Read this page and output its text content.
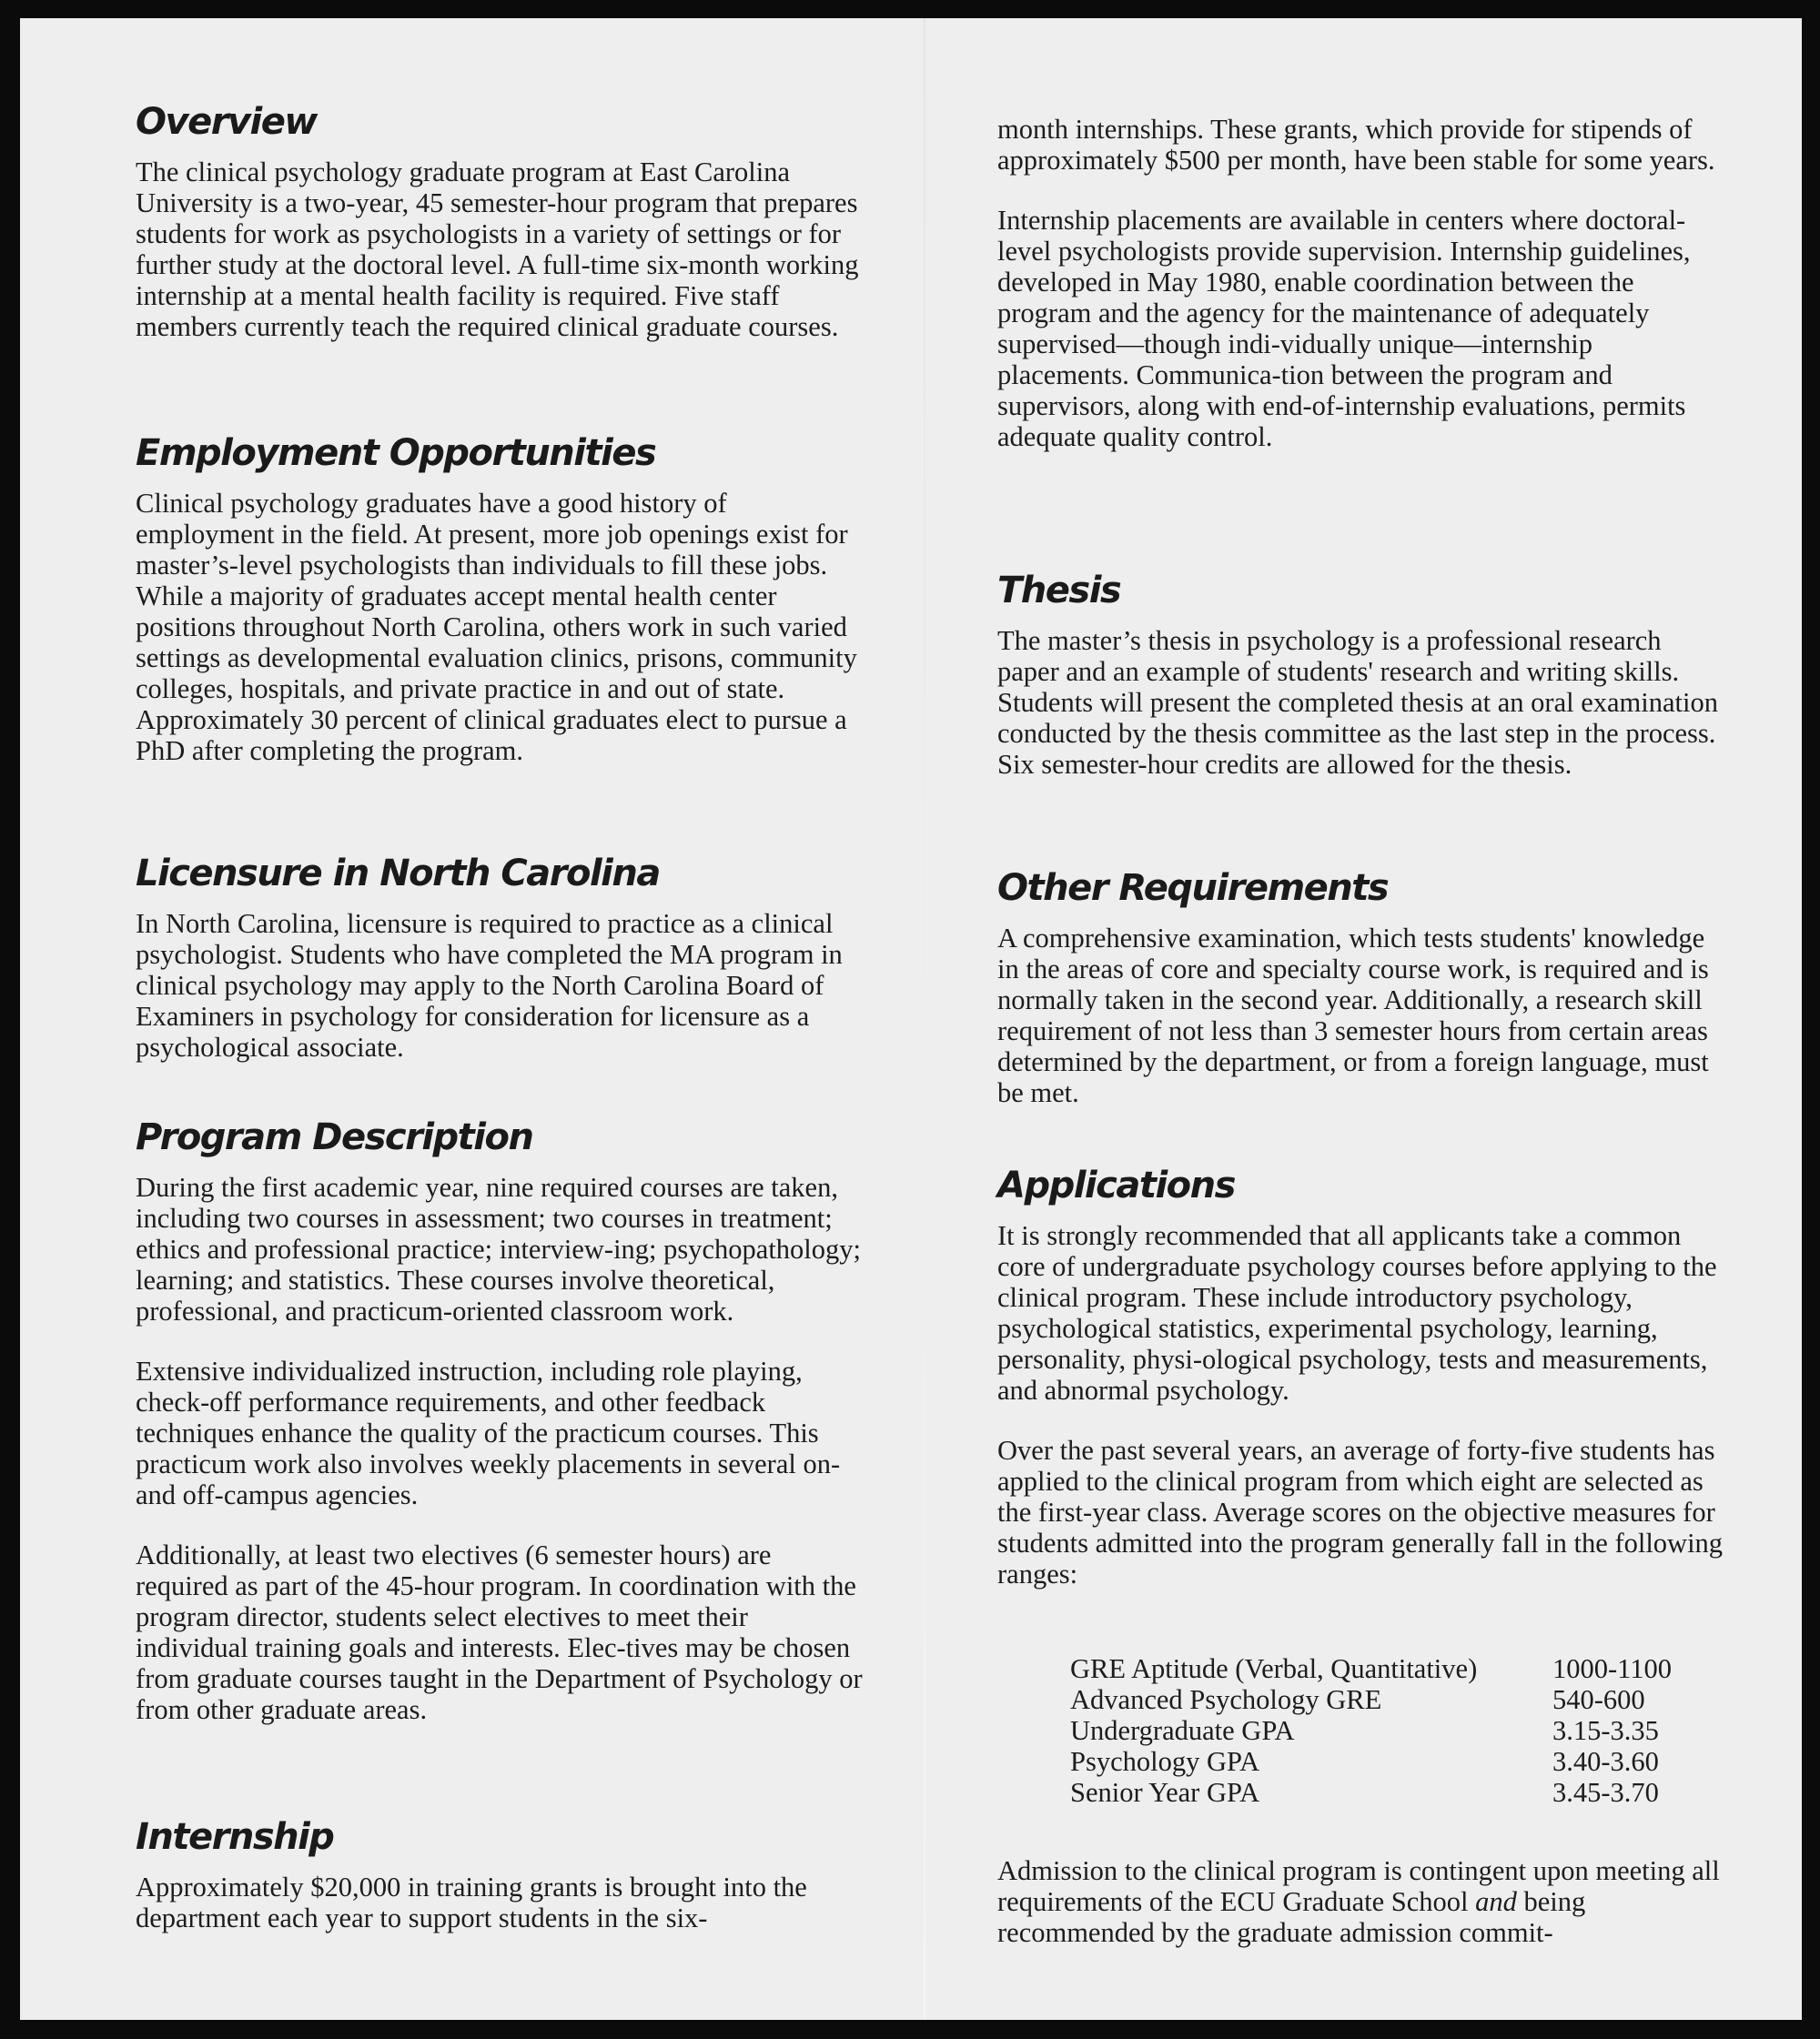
Overview

The clinical psychology graduate program at East Carolina University is a two-year, 45 semester-hour program that prepares students for work as psychologists in a variety of settings or for further study at the doctoral level. A full-time six-month working internship at a mental health facility is required. Five staff members currently teach the required clinical graduate courses.

Employment Opportunities

Clinical psychology graduates have a good history of employment in the field. At present, more job openings exist for master’s-level psychologists than individuals to fill these jobs. While a majority of graduates accept mental health center positions throughout North Carolina, others work in such varied settings as developmental evaluation clinics, prisons, community colleges, hospitals, and private practice in and out of state. Approximately 30 percent of clinical graduates elect to pursue a PhD after completing the program.

Licensure in North Carolina

In North Carolina, licensure is required to practice as a clinical psychologist. Students who have completed the MA program in clinical psychology may apply to the North Carolina Board of Examiners in psychology for consideration for licensure as a psychological associate.

Program Description

During the first academic year, nine required courses are taken, including two courses in assessment; two courses in treatment; ethics and professional practice; interview-ing; psychopathology; learning; and statistics. These courses involve theoretical, professional, and practicum-oriented classroom work.

Extensive individualized instruction, including role playing, check-off performance requirements, and other feedback techniques enhance the quality of the practicum courses. This practicum work also involves weekly placements in several on- and off-campus agencies.

Additionally, at least two electives (6 semester hours) are required as part of the 45-hour program. In coordination with the program director, students select electives to meet their individual training goals and interests. Elec-tives may be chosen from graduate courses taught in the Department of Psychology or from other graduate areas.

Internship

Approximately $20,000 in training grants is brought into the department each year to support students in the six-

month internships. These grants, which provide for stipends of approximately $500 per month, have been stable for some years.

Internship placements are available in centers where doctoral-level psychologists provide supervision. Internship guidelines, developed in May 1980, enable coordination between the program and the agency for the maintenance of adequately supervised—though indi-vidually unique—internship placements. Communica-tion between the program and supervisors, along with end-of-internship evaluations, permits adequate quality control.

Thesis

The master’s thesis in psychology is a professional research paper and an example of students' research and writing skills. Students will present the completed thesis at an oral examination conducted by the thesis committee as the last step in the process. Six semester-hour credits are allowed for the thesis.

Other Requirements

A comprehensive examination, which tests students' knowledge in the areas of core and specialty course work, is required and is normally taken in the second year. Additionally, a research skill requirement of not less than 3 semester hours from certain areas determined by the department, or from a foreign language, must be met.

Applications

It is strongly recommended that all applicants take a common core of undergraduate psychology courses before applying to the clinical program. These include introductory psychology, psychological statistics, experimental psychology, learning, personality, physi-ological psychology, tests and measurements, and abnormal psychology.

Over the past several years, an average of forty-five students has applied to the clinical program from which eight are selected as the first-year class. Average scores on the objective measures for students admitted into the program generally fall in the following ranges:

GRE Aptitude (Verbal, Quantitative)	1000-1100
Advanced Psychology GRE	540-600
Undergraduate GPA	3.15-3.35
Psychology GPA	3.40-3.60
Senior Year GPA	3.45-3.70

Admission to the clinical program is contingent upon meeting all requirements of the ECU Graduate School and being recommended by the graduate admission commit-
